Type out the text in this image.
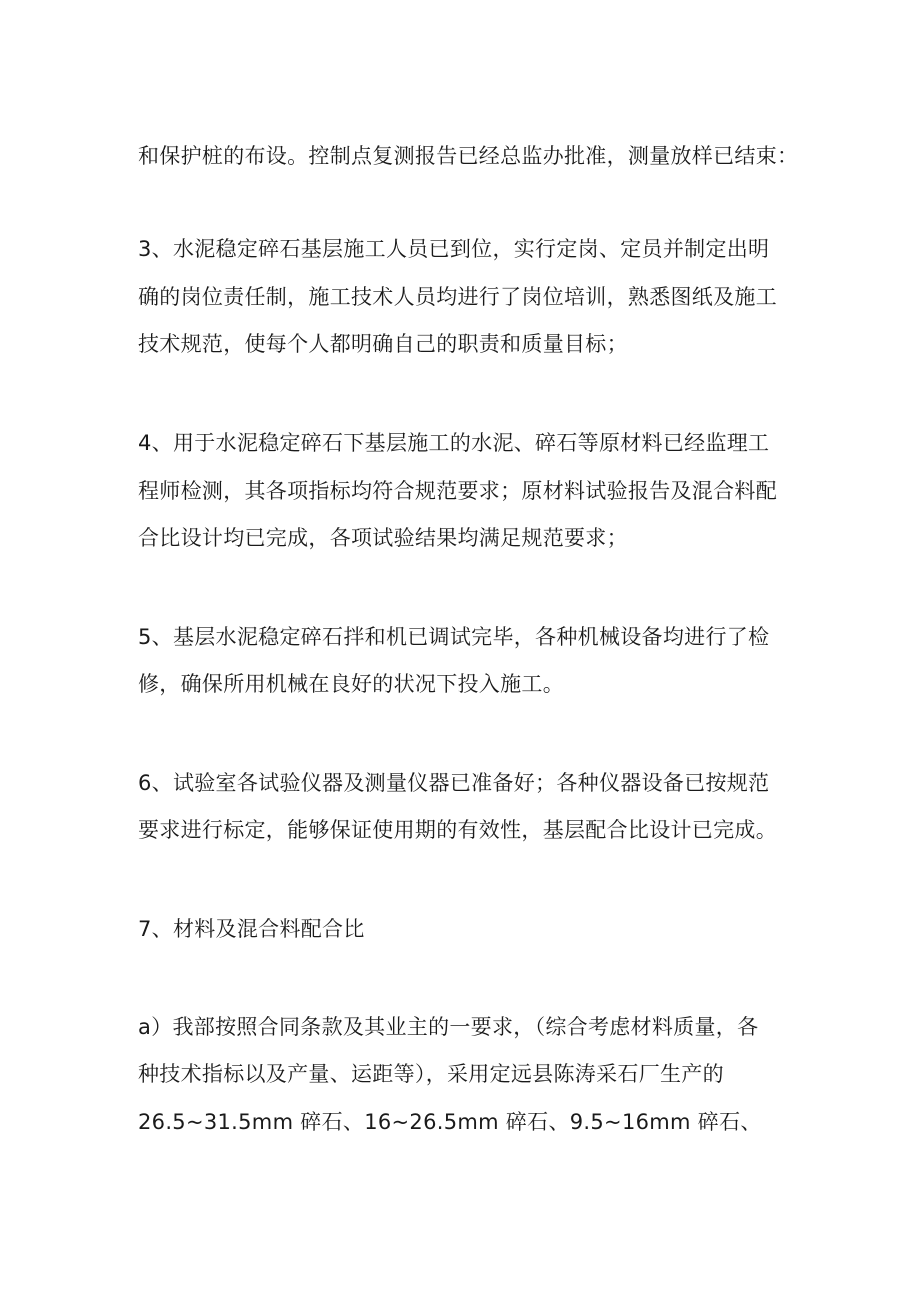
和保护桩的布设。控制点复测报告已经总监办批准，测量放样已结束：

3、水泥稳定碎石基层施工人员已到位，实行定岗、定员并制定出明

确的岗位责任制，施工技术人员均进行了岗位培训，熟悉图纸及施工

技术规范，使每个人都明确自己的职责和质量目标；

4、用于水泥稳定碎石下基层施工的水泥、碎石等原材料已经监理工

程师检测，其各项指标均符合规范要求；原材料试验报告及混合料配

合比设计均已完成，各项试验结果均满足规范要求；

5、基层水泥稳定碎石拌和机已调试完毕，各种机械设备均进行了检

修，确保所用机械在良好的状况下投入施工。

6、试验室各试验仪器及测量仪器已准备好；各种仪器设备已按规范

要求进行标定，能够保证使用期的有效性，基层配合比设计已完成。

7、材料及混合料配合比

a）我部按照合同条款及其业主的一要求，（综合考虑材料质量，各

种技术指标以及产量、运距等），采用定远县陈涛采石厂生产的

26.5~31.5mm 碎石、16~26.5mm 碎石、9.5~16mm 碎石、
